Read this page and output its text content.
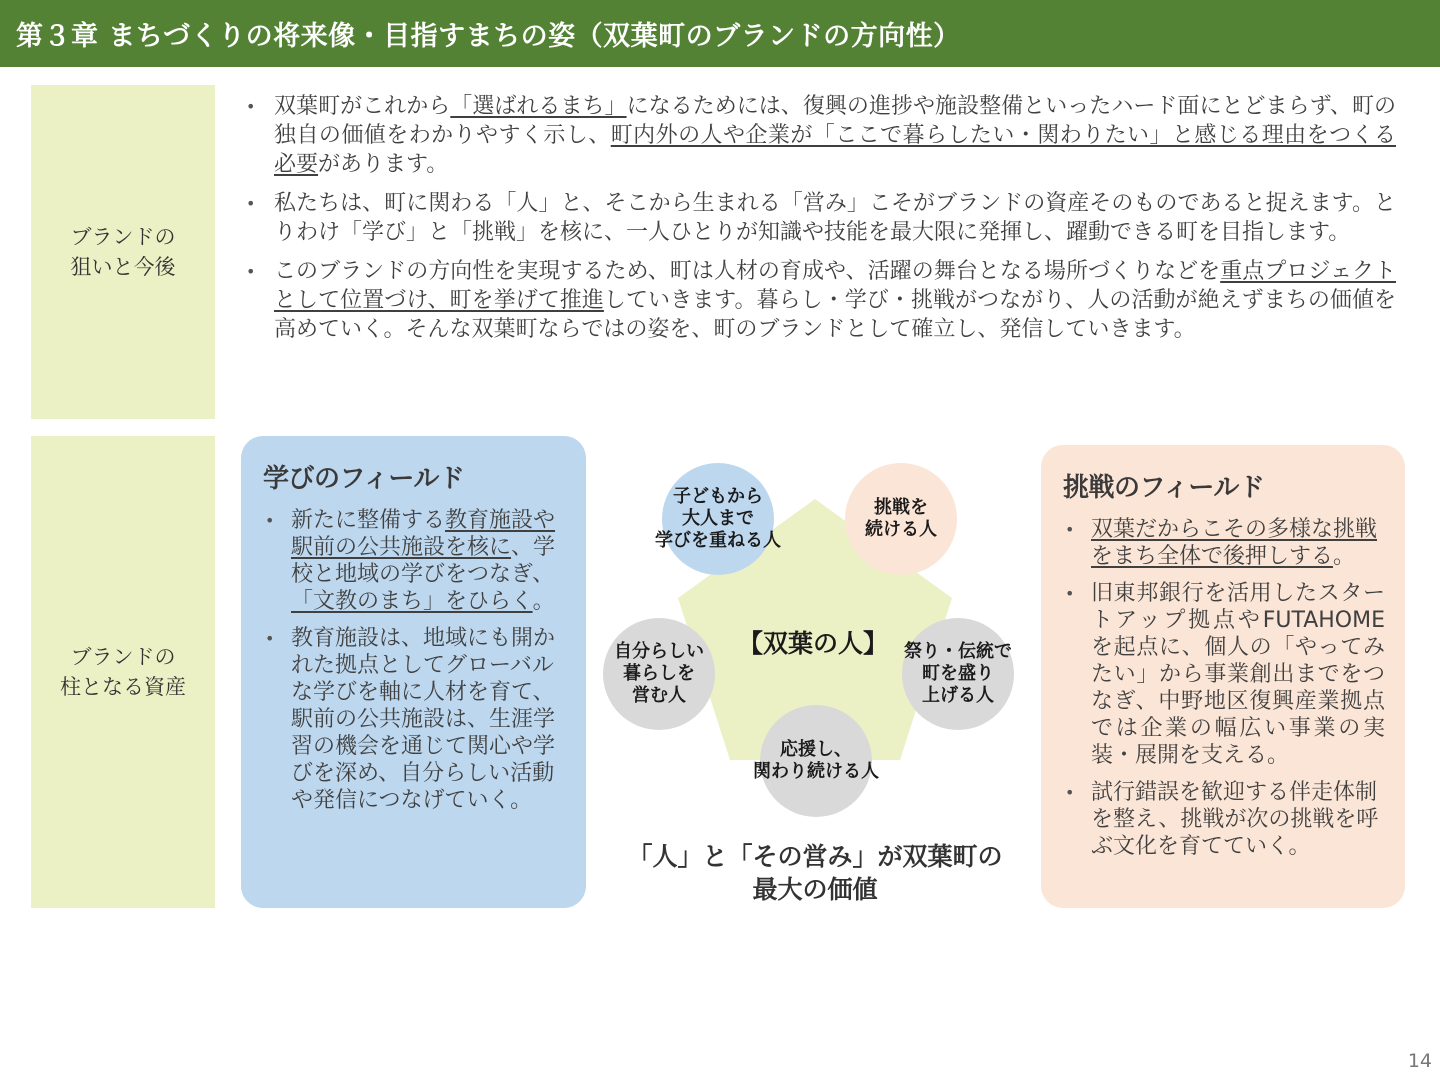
第３章 まちづくりの将来像・目指すまちの姿（双葉町のブランドの方向性）
ブランドの
狙いと今後
• 双葉町がこれから「選ばれるまち」になるためには、復興の進捗や施設整備といったハード面にとどまらず、町の独自の価値をわかりやすく示し、町内外の人や企業が「ここで暮らしたい・関わりたい」と感じる理由をつくる必要があります。
• 私たちは、町に関わる「人」と、そこから生まれる「営み」こそがブランドの資産そのものであると捉えます。とりわけ「学び」と「挑戦」を核に、一人ひとりが知識や技能を最大限に発揮し、躍動できる町を目指します。
• このブランドの方向性を実現するため、町は人材の育成や、活躍の舞台となる場所づくりなどを重点プロジェクトとして位置づけ、町を挙げて推進していきます。暮らし・学び・挑戦がつながり、人の活動が絶えずまちの価値を高めていく。そんな双葉町ならではの姿を、町のブランドとして確立し、発信していきます。
ブランドの
柱となる資産
学びのフィールド
• 新たに整備する教育施設や駅前の公共施設を核に、学校と地域の学びをつなぎ、「文教のまち」をひらく。
• 教育施設は、地域にも開かれた拠点としてグローバルな学びを軸に人材を育て、駅前の公共施設は、生涯学習の機会を通じて関心や学びを深め、自分らしい活動や発信につなげていく。
子どもから
大人まで
学びを重ねる人
挑戦を
続ける人
祭り・伝統で
町を盛り
上げる人
応援し、
関わり続ける人
自分らしい
暮らしを
営む人
【双葉の人】
「人」と「その営み」が双葉町の
最大の価値
挑戦のフィールド
• 双葉だからこその多様な挑戦をまち全体で後押しする。
• 旧東邦銀行を活用したスタートアップ拠点やFUTAHOMEを起点に、個人の「やってみたい」から事業創出までをつなぎ、中野地区復興産業拠点では企業の幅広い事業の実装・展開を支える。
• 試行錯誤を歓迎する伴走体制を整え、挑戦が次の挑戦を呼ぶ文化を育てていく。
14
